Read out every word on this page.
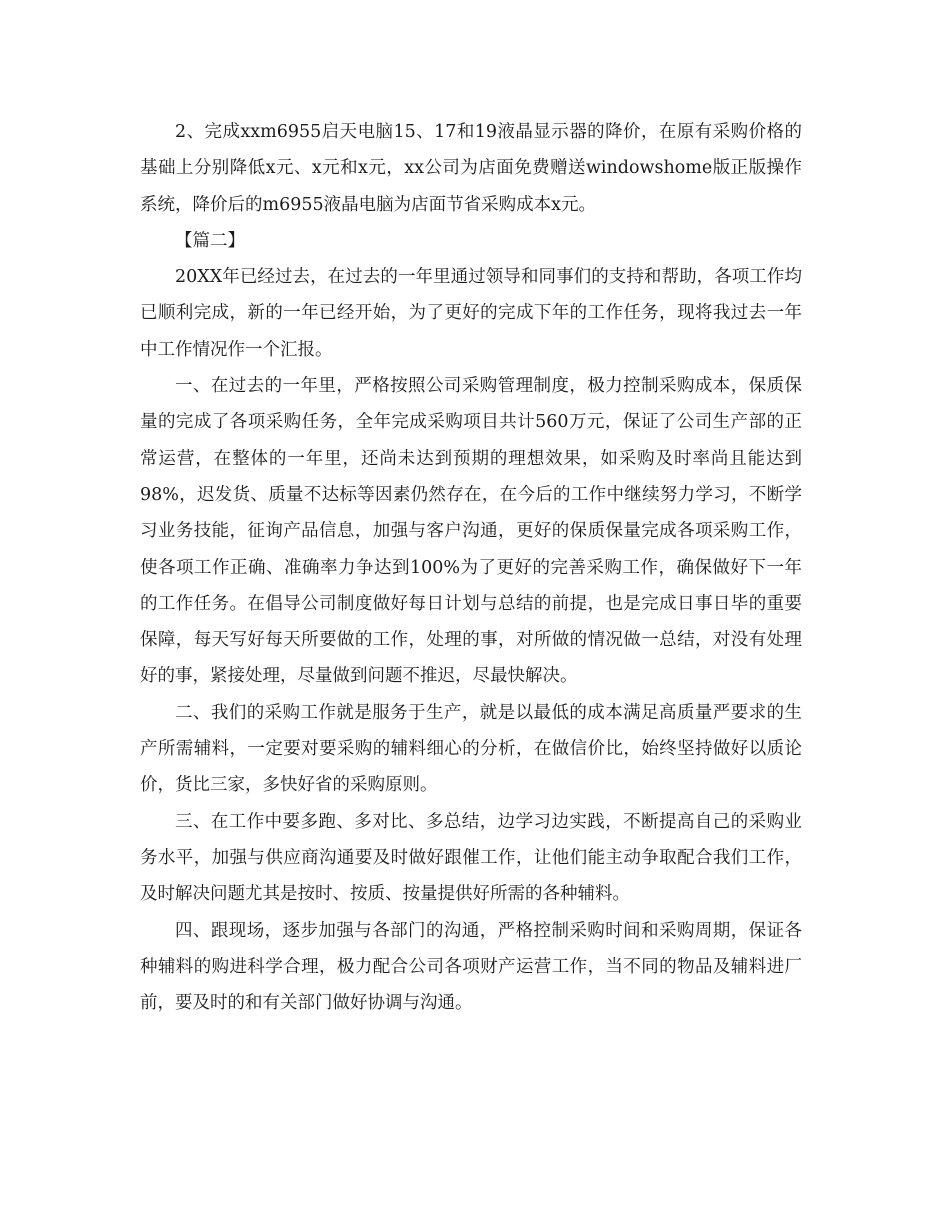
2、完成xxm6955启天电脑15、17和19液晶显示器的降价，在原有采购价格的基础上分别降低x元、x元和x元，xx公司为店面免费赠送windowshome版正版操作系统，降价后的m6955液晶电脑为店面节省采购成本x元。

【篇二】

20XX年已经过去，在过去的一年里通过领导和同事们的支持和帮助，各项工作均已顺利完成，新的一年已经开始，为了更好的完成下年的工作任务，现将我过去一年中工作情况作一个汇报。

一、在过去的一年里，严格按照公司采购管理制度，极力控制采购成本，保质保量的完成了各项采购任务，全年完成采购项目共计560万元，保证了公司生产部的正常运营，在整体的一年里，还尚未达到预期的理想效果，如采购及时率尚且能达到98%，迟发货、质量不达标等因素仍然存在，在今后的工作中继续努力学习，不断学习业务技能，征询产品信息，加强与客户沟通，更好的保质保量完成各项采购工作，使各项工作正确、准确率力争达到100%为了更好的完善采购工作，确保做好下一年的工作任务。在倡导公司制度做好每日计划与总结的前提，也是完成日事日毕的重要保障，每天写好每天所要做的工作，处理的事，对所做的情况做一总结，对没有处理好的事，紧接处理，尽量做到问题不推迟，尽最快解决。

二、我们的采购工作就是服务于生产，就是以最低的成本满足高质量严要求的生产所需辅料，一定要对要采购的辅料细心的分析，在做信价比，始终坚持做好以质论价，货比三家，多快好省的采购原则。

三、在工作中要多跑、多对比、多总结，边学习边实践，不断提高自己的采购业务水平，加强与供应商沟通要及时做好跟催工作，让他们能主动争取配合我们工作，及时解决问题尤其是按时、按质、按量提供好所需的各种辅料。

四、跟现场，逐步加强与各部门的沟通，严格控制采购时间和采购周期，保证各种辅料的购进科学合理，极力配合公司各项财产运营工作，当不同的物品及辅料进厂前，要及时的和有关部门做好协调与沟通。
